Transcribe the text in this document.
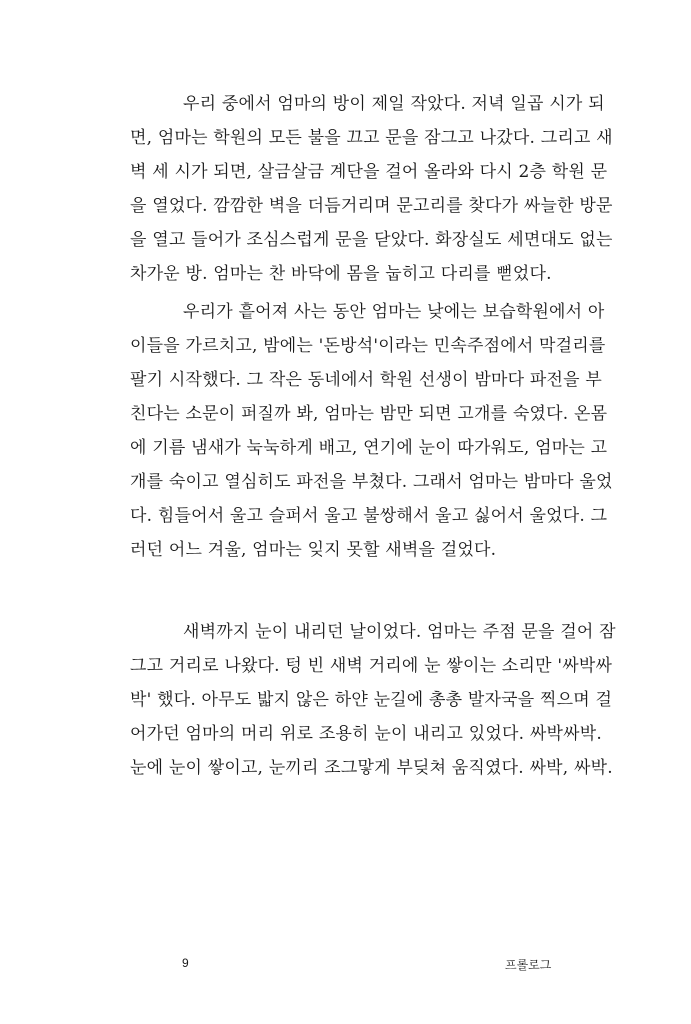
우리 중에서 엄마의 방이 제일 작았다. 저녁 일곱 시가 되
면, 엄마는 학원의 모든 불을 끄고 문을 잠그고 나갔다. 그리고 새
벽 세 시가 되면, 살금살금 계단을 걸어 올라와 다시 2층 학원 문
을 열었다. 깜깜한 벽을 더듬거리며 문고리를 찾다가 싸늘한 방문
을 열고 들어가 조심스럽게 문을 닫았다. 화장실도 세면대도 없는
차가운 방. 엄마는 찬 바닥에 몸을 눕히고 다리를 뻗었다.
우리가 흩어져 사는 동안 엄마는 낮에는 보습학원에서 아
이들을 가르치고, 밤에는 '돈방석'이라는 민속주점에서 막걸리를
팔기 시작했다. 그 작은 동네에서 학원 선생이 밤마다 파전을 부
친다는 소문이 퍼질까 봐, 엄마는 밤만 되면 고개를 숙였다. 온몸
에 기름 냄새가 눅눅하게 배고, 연기에 눈이 따가워도, 엄마는 고
개를 숙이고 열심히도 파전을 부쳤다. 그래서 엄마는 밤마다 울었
다. 힘들어서 울고 슬퍼서 울고 불쌍해서 울고 싫어서 울었다. 그
러던 어느 겨울, 엄마는 잊지 못할 새벽을 걸었다.
새벽까지 눈이 내리던 날이었다. 엄마는 주점 문을 걸어 잠
그고 거리로 나왔다. 텅 빈 새벽 거리에 눈 쌓이는 소리만 '싸박싸
박' 했다. 아무도 밟지 않은 하얀 눈길에 총총 발자국을 찍으며 걸
어가던 엄마의 머리 위로 조용히 눈이 내리고 있었다. 싸박싸박.
눈에 눈이 쌓이고, 눈끼리 조그맣게 부딪쳐 움직였다. 싸박, 싸박.
9	프롤로그
